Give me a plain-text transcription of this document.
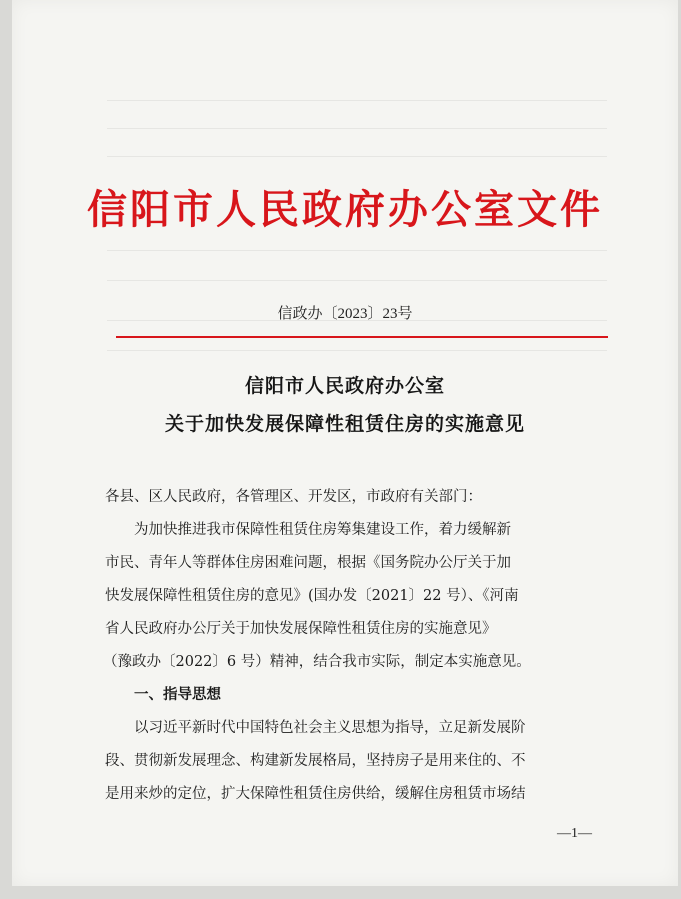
信阳市人民政府办公室文件
信政办〔2023〕23号
信阳市人民政府办公室
关于加快发展保障性租赁住房的实施意见
各县、区人民政府，各管理区、开发区，市政府有关部门：
为加快推进我市保障性租赁住房筹集建设工作，着力缓解新
市民、青年人等群体住房困难问题，根据《国务院办公厅关于加
快发展保障性租赁住房的意见》(国办发〔2021〕22 号）、《河南
省人民政府办公厅关于加快发展保障性租赁住房的实施意见》
（豫政办〔2022〕6 号）精神，结合我市实际，制定本实施意见。
一、指导思想
以习近平新时代中国特色社会主义思想为指导，立足新发展阶
段、贯彻新发展理念、构建新发展格局，坚持房子是用来住的、不
是用来炒的定位，扩大保障性租赁住房供给，缓解住房租赁市场结
—1—
